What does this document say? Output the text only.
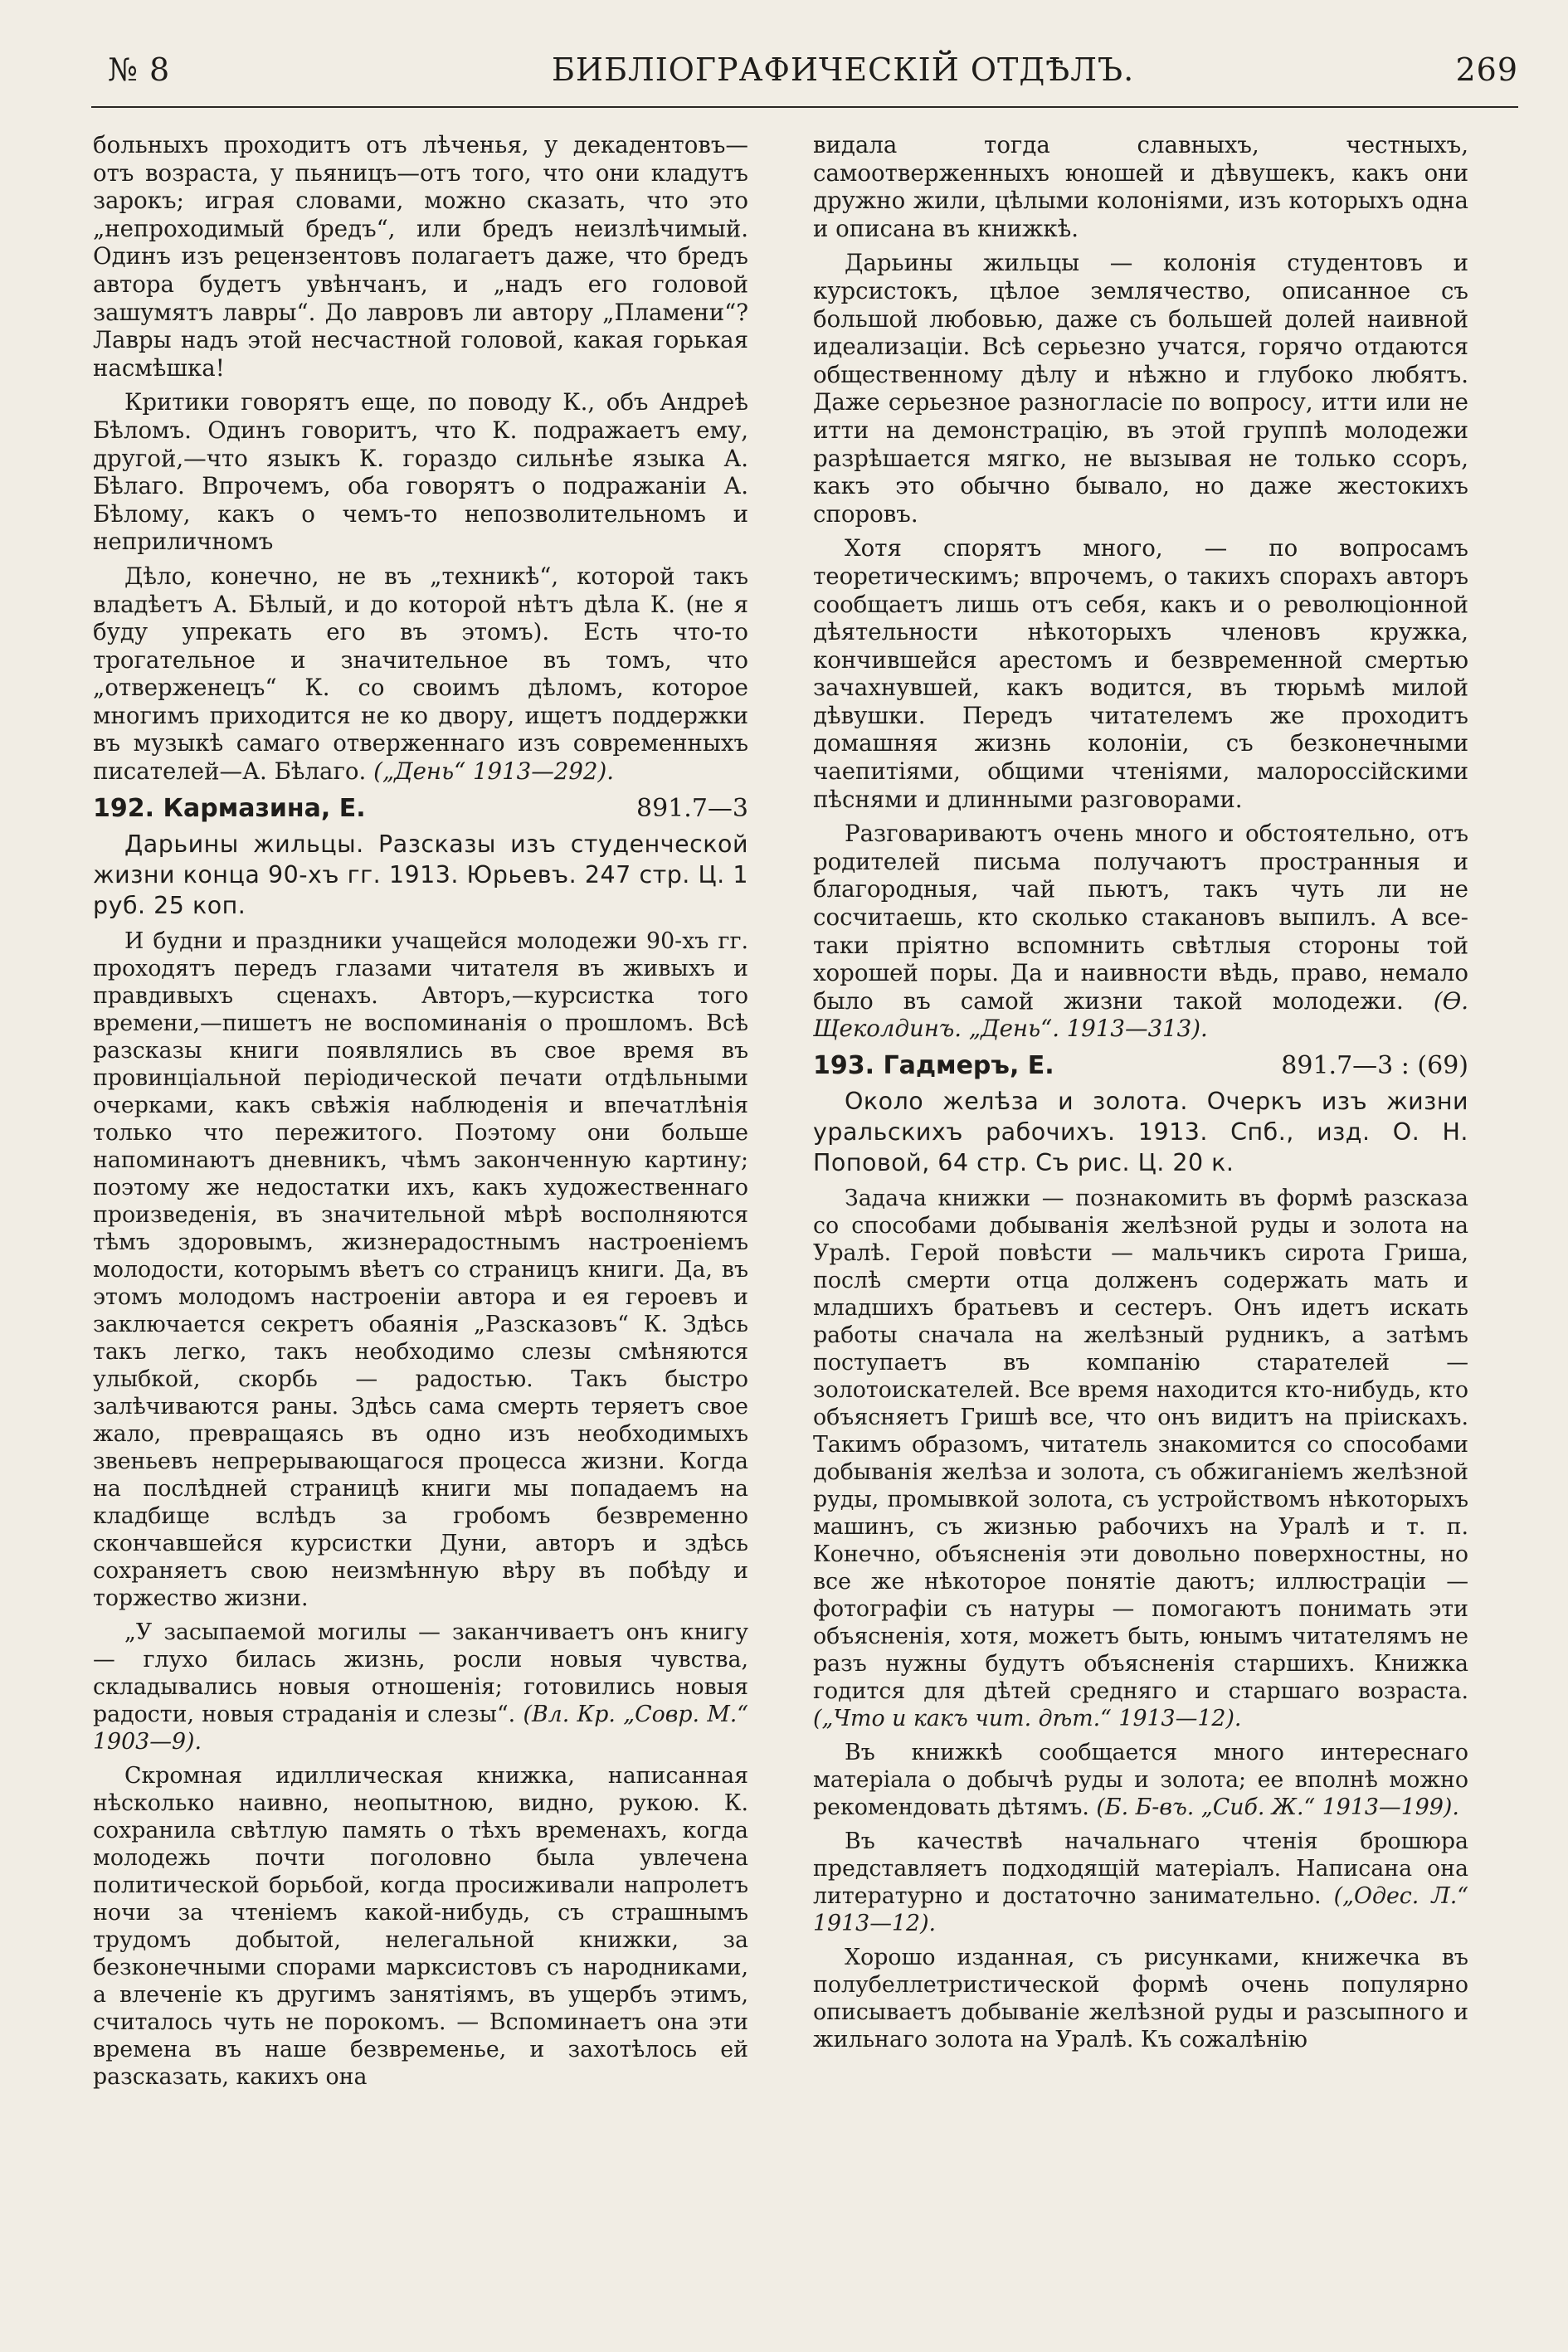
№ 8	БИБЛІОГРАФИЧЕСКІЙ ОТДѢЛЪ.	269

больныхъ проходитъ отъ лѣченья, у декадентовъ—отъ возраста, у пьяницъ—отъ того, что они кладутъ зарокъ; играя словами, можно сказать, что это „непроходимый бредъ“, или бредъ неизлѣчимый. Одинъ изъ рецензентовъ полагаетъ даже, что бредъ автора будетъ увѣнчанъ, и „надъ его головой зашумятъ лавры“. До лавровъ ли автору „Пламени“? Лавры надъ этой несчастной головой, какая горькая насмѣшка!

Критики говорятъ еще, по поводу К., объ Андреѣ Бѣломъ. Одинъ говоритъ, что К. подражаетъ ему, другой,—что языкъ К. гораздо сильнѣе языка А. Бѣлаго. Впрочемъ, оба говорятъ о подражаніи А. Бѣлому, какъ о чемъ-то непозволительномъ и неприличномъ

Дѣло, конечно, не въ „техникѣ“, которой такъ владѣетъ А. Бѣлый, и до которой нѣтъ дѣла К. (не я буду упрекать его въ этомъ). Есть что-то трогательное и значительное въ томъ, что „отверженецъ“ К. со своимъ дѣломъ, которое многимъ приходится не ко двору, ищетъ поддержки въ музыкѣ самаго отверженнаго изъ современныхъ писателей—А. Бѣлаго. („День“ 1913—292).

192. Кармазина, Е.	891.7—3

Дарьины жильцы. Разсказы изъ студенческой жизни конца 90-хъ гг. 1913. Юрьевъ. 247 стр. Ц. 1 руб. 25 коп.

И будни и праздники учащейся молодежи 90-хъ гг. проходятъ передъ глазами читателя въ живыхъ и правдивыхъ сценахъ. Авторъ,—курсистка того времени,—пишетъ не воспоминанія о прошломъ. Всѣ разсказы книги появлялись въ свое время въ провинціальной періодической печати отдѣльными очерками, какъ свѣжія наблюденія и впечатлѣнія только что пережитого. Поэтому они больше напоминаютъ дневникъ, чѣмъ законченную картину; поэтому же недостатки ихъ, какъ художественнаго произведенія, въ значительной мѣрѣ восполняются тѣмъ здоровымъ, жизнерадостнымъ настроеніемъ молодости, которымъ вѣетъ со страницъ книги. Да, въ этомъ молодомъ настроеніи автора и ея героевъ и заключается секретъ обаянія „Разсказовъ“ К. Здѣсь такъ легко, такъ необходимо слезы смѣняются улыбкой, скорбь — радостью. Такъ быстро залѣчиваются раны. Здѣсь сама смерть теряетъ свое жало, превращаясь въ одно изъ необходимыхъ звеньевъ непрерывающагося процесса жизни. Когда на послѣдней страницѣ книги мы попадаемъ на кладбище вслѣдъ за гробомъ безвременно скончавшейся курсистки Дуни, авторъ и здѣсь сохраняетъ свою неизмѣнную вѣру въ побѣду и торжество жизни.

„У засыпаемой могилы — заканчиваетъ онъ книгу — глухо билась жизнь, росли новыя чувства, складывались новыя отношенія; готовились новыя радости, новыя страданія и слезы“. (Вл. Кр. „Совр. М.“ 1903—9).

Скромная идиллическая книжка, написанная нѣсколько наивно, неопытною, видно, рукою. К. сохранила свѣтлую память о тѣхъ временахъ, когда молодежь почти поголовно была увлечена политической борьбой, когда просиживали напролетъ ночи за чтеніемъ какой-нибудь, съ страшнымъ трудомъ добытой, нелегальной книжки, за безконечными спорами марксистовъ съ народниками, а влеченіе къ другимъ занятіямъ, въ ущербъ этимъ, считалось чуть не порокомъ. — Вспоминаетъ она эти времена въ наше безвременье, и захотѣлось ей разсказать, какихъ она

видала тогда славныхъ, честныхъ, самоотверженныхъ юношей и дѣвушекъ, какъ они дружно жили, цѣлыми колоніями, изъ которыхъ одна и описана въ книжкѣ.

Дарьины жильцы — колонія студентовъ и курсистокъ, цѣлое землячество, описанное съ большой любовью, даже съ большей долей наивной идеализаціи. Всѣ серьезно учатся, горячо отдаются общественному дѣлу и нѣжно и глубоко любятъ. Даже серьезное разногласіе по вопросу, итти или не итти на демонстрацію, въ этой группѣ молодежи разрѣшается мягко, не вызывая не только ссоръ, какъ это обычно бывало, но даже жестокихъ споровъ.

Хотя спорятъ много, — по вопросамъ теоретическимъ; впрочемъ, о такихъ спорахъ авторъ сообщаетъ лишь отъ себя, какъ и о революціонной дѣятельности нѣкоторыхъ членовъ кружка, кончившейся арестомъ и безвременной смертью зачахнувшей, какъ водится, въ тюрьмѣ милой дѣвушки. Передъ читателемъ же проходитъ домашняя жизнь колоніи, съ безконечными чаепитіями, общими чтеніями, малороссійскими пѣснями и длинными разговорами.

Разговариваютъ очень много и обстоятельно, отъ родителей письма получаютъ пространныя и благородныя, чай пьютъ, такъ чуть ли не сосчитаешь, кто сколько стакановъ выпилъ. А все-таки пріятно вспомнить свѣтлыя стороны той хорошей поры. Да и наивности вѣдь, право, немало было въ самой жизни такой молодежи. (Ѳ. Щеколдинъ. „День“. 1913—313).

193. Гадмеръ, Е.	891.7—3 : (69)

Около желѣза и золота. Очеркъ изъ жизни уральскихъ рабочихъ. 1913. Спб., изд. О. Н. Поповой, 64 стр. Съ рис. Ц. 20 к.

Задача книжки — познакомить въ формѣ разсказа со способами добыванія желѣзной руды и золота на Уралѣ. Герой повѣсти — мальчикъ сирота Гриша, послѣ смерти отца долженъ содержать мать и младшихъ братьевъ и сестеръ. Онъ идетъ искать работы сначала на желѣзный рудникъ, а затѣмъ поступаетъ въ компанію старателей — золотоискателей. Все время находится кто-нибудь, кто объясняетъ Гришѣ все, что онъ видитъ на пріискахъ. Такимъ образомъ, читатель знакомится со способами добыванія желѣза и золота, съ обжиганіемъ желѣзной руды, промывкой золота, съ устройствомъ нѣкоторыхъ машинъ, съ жизнью рабочихъ на Уралѣ и т. п. Конечно, объясненія эти довольно поверхностны, но все же нѣкоторое понятіе даютъ; иллюстраціи — фотографіи съ натуры — помогаютъ понимать эти объясненія, хотя, можетъ быть, юнымъ читателямъ не разъ нужны будутъ объясненія старшихъ. Книжка годится для дѣтей средняго и старшаго возраста. („Что и какъ чит. дѣт.“ 1913—12).

Въ книжкѣ сообщается много интереснаго матеріала о добычѣ руды и золота; ее вполнѣ можно рекомендовать дѣтямъ. (Б. Б-въ. „Сиб. Ж.“ 1913—199).

Въ качествѣ начальнаго чтенія брошюра представляетъ подходящій матеріалъ. Написана она литературно и достаточно занимательно. („Одес. Л.“ 1913—12).

Хорошо изданная, съ рисунками, книжечка въ полубеллетристической формѣ очень популярно описываетъ добываніе желѣзной руды и разсыпного и жильнаго золота на Уралѣ. Къ сожалѣнію
